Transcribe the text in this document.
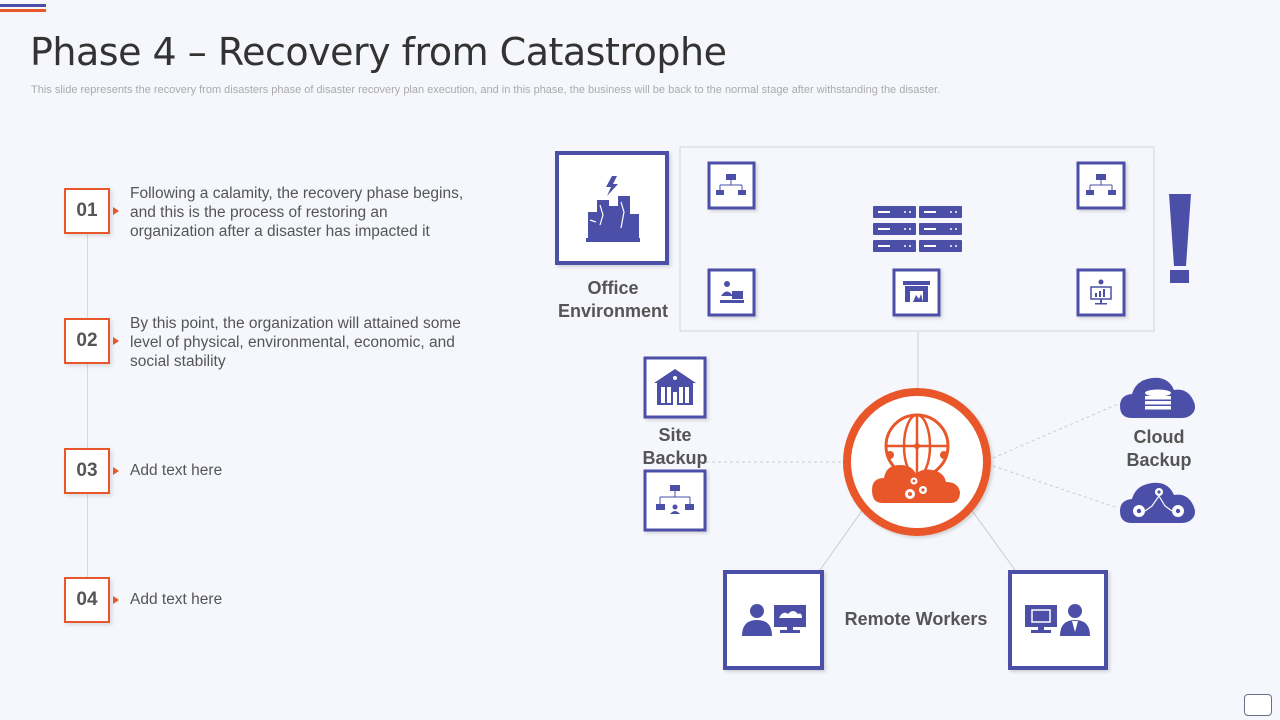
Phase 4 – Recovery from Catastrophe

This slide represents the recovery from disasters phase of disaster recovery plan execution, and in this phase, the business will be back to the normal stage after withstanding the disaster.

01
Following a calamity, the recovery phase begins, and this is the process of restoring an organization after a disaster has impacted it
02
By this point, the organization will attained some level of physical, environmental, economic, and social stability
03	Add text here
04	Add text here
Office
Environment
Site
Backup
Cloud
Backup
Remote Workers
